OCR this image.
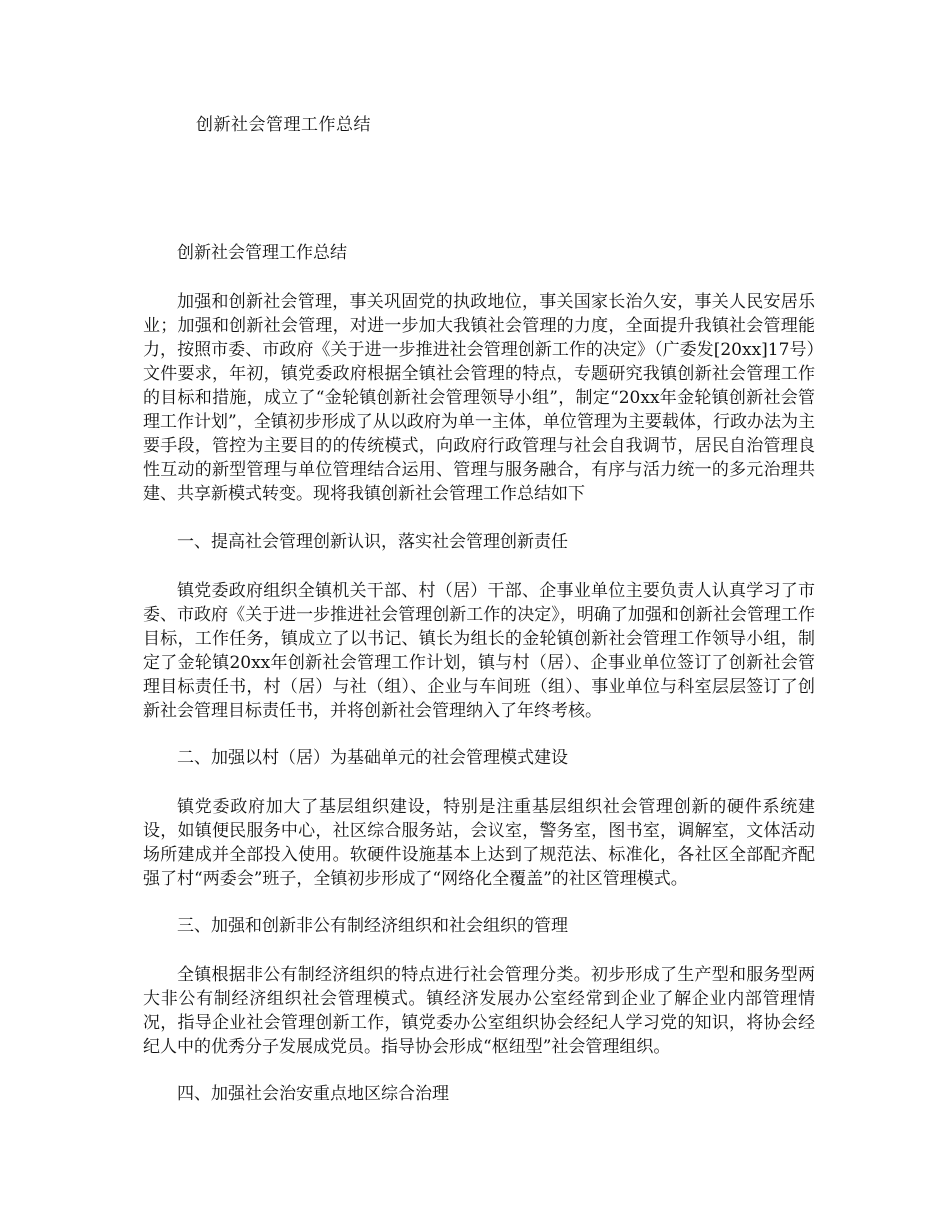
创新社会管理工作总结

创新社会管理工作总结

加强和创新社会管理，事关巩固党的执政地位，事关国家长治久安，事关人民安居乐业；加强和创新社会管理，对进一步加大我镇社会管理的力度，全面提升我镇社会管理能力，按照市委、市政府《关于进一步推进社会管理创新工作的决定》（广委发[20xx]17号）文件要求，年初，镇党委政府根据全镇社会管理的特点，专题研究我镇创新社会管理工作的目标和措施，成立了“金轮镇创新社会管理领导小组”，制定“20xx年金轮镇创新社会管理工作计划”，全镇初步形成了从以政府为单一主体，单位管理为主要载体，行政办法为主要手段，管控为主要目的的传统模式，向政府行政管理与社会自我调节，居民自治管理良性互动的新型管理与单位管理结合运用、管理与服务融合，有序与活力统一的多元治理共建、共享新模式转变。现将我镇创新社会管理工作总结如下

一、提高社会管理创新认识，落实社会管理创新责任

镇党委政府组织全镇机关干部、村（居）干部、企事业单位主要负责人认真学习了市委、市政府《关于进一步推进社会管理创新工作的决定》，明确了加强和创新社会管理工作目标，工作任务，镇成立了以书记、镇长为组长的金轮镇创新社会管理工作领导小组，制定了金轮镇20xx年创新社会管理工作计划，镇与村（居）、企事业单位签订了创新社会管理目标责任书，村（居）与社（组）、企业与车间班（组）、事业单位与科室层层签订了创新社会管理目标责任书，并将创新社会管理纳入了年终考核。

二、加强以村（居）为基础单元的社会管理模式建设

镇党委政府加大了基层组织建设，特别是注重基层组织社会管理创新的硬件系统建设，如镇便民服务中心，社区综合服务站，会议室，警务室，图书室，调解室，文体活动场所建成并全部投入使用。软硬件设施基本上达到了规范法、标准化，各社区全部配齐配强了村“两委会”班子，全镇初步形成了“网络化全覆盖”的社区管理模式。

三、加强和创新非公有制经济组织和社会组织的管理

全镇根据非公有制经济组织的特点进行社会管理分类。初步形成了生产型和服务型两大非公有制经济组织社会管理模式。镇经济发展办公室经常到企业了解企业内部管理情况，指导企业社会管理创新工作，镇党委办公室组织协会经纪人学习党的知识，将协会经纪人中的优秀分子发展成党员。指导协会形成“枢纽型”社会管理组织。

四、加强社会治安重点地区综合治理
